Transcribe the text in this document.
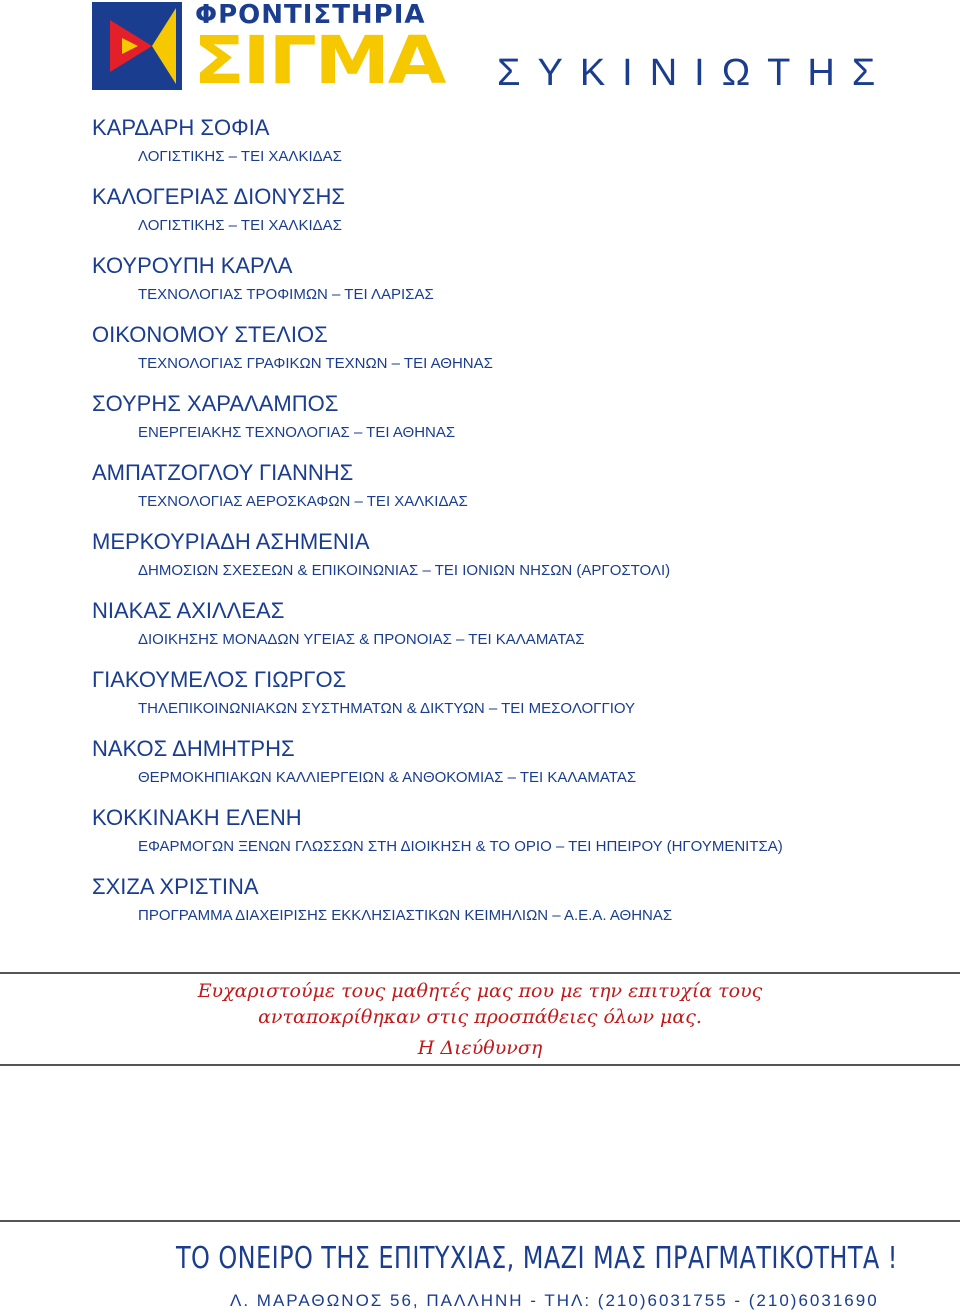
ΦΡΟΝΤΙΣΤΗΡΙΑ
ΣΙΓΜΑ	ΣΥΚΙΝΙΩΤΗΣ
ΚΑΡΔΑΡΗ ΣΟΦΙΑ
ΛΟΓΙΣΤΙΚΗΣ – ΤΕΙ ΧΑΛΚΙΔΑΣ
ΚΑΛΟΓΕΡΙΑΣ ΔΙΟΝΥΣΗΣ
ΛΟΓΙΣΤΙΚΗΣ – ΤΕΙ ΧΑΛΚΙΔΑΣ
ΚΟΥΡΟΥΠΗ ΚΑΡΛΑ
ΤΕΧΝΟΛΟΓΙΑΣ ΤΡΟΦΙΜΩΝ – ΤΕΙ ΛΑΡΙΣΑΣ
ΟΙΚΟΝΟΜΟΥ ΣΤΕΛΙΟΣ
ΤΕΧΝΟΛΟΓΙΑΣ ΓΡΑΦΙΚΩΝ ΤΕΧΝΩΝ – ΤΕΙ ΑΘΗΝΑΣ
ΣΟΥΡΗΣ ΧΑΡΑΛΑΜΠΟΣ
ΕΝΕΡΓΕΙΑΚΗΣ ΤΕΧΝΟΛΟΓΙΑΣ – ΤΕΙ ΑΘΗΝΑΣ
ΑΜΠΑΤΖΟΓΛΟΥ ΓΙΑΝΝΗΣ
ΤΕΧΝΟΛΟΓΙΑΣ ΑΕΡΟΣΚΑΦΩΝ – ΤΕΙ ΧΑΛΚΙΔΑΣ
ΜΕΡΚΟΥΡΙΑΔΗ ΑΣΗΜΕΝΙΑ
ΔΗΜΟΣΙΩΝ ΣΧΕΣΕΩΝ & ΕΠΙΚΟΙΝΩΝΙΑΣ – ΤΕΙ ΙΟΝΙΩΝ ΝΗΣΩΝ (ΑΡΓΟΣΤΟΛΙ)
ΝΙΑΚΑΣ ΑΧΙΛΛΕΑΣ
ΔΙΟΙΚΗΣΗΣ ΜΟΝΑΔΩΝ ΥΓΕΙΑΣ & ΠΡΟΝΟΙΑΣ – ΤΕΙ ΚΑΛΑΜΑΤΑΣ
ΓΙΑΚΟΥΜΕΛΟΣ ΓΙΩΡΓΟΣ
ΤΗΛΕΠΙΚΟΙΝΩΝΙΑΚΩΝ ΣΥΣΤΗΜΑΤΩΝ & ΔΙΚΤΥΩΝ – ΤΕΙ ΜΕΣΟΛΟΓΓΙΟΥ
ΝΑΚΟΣ ΔΗΜΗΤΡΗΣ
ΘΕΡΜΟΚΗΠΙΑΚΩΝ ΚΑΛΛΙΕΡΓΕΙΩΝ & ΑΝΘΟΚΟΜΙΑΣ – ΤΕΙ ΚΑΛΑΜΑΤΑΣ
ΚΟΚΚΙΝΑΚΗ ΕΛΕΝΗ
ΕΦΑΡΜΟΓΩΝ ΞΕΝΩΝ ΓΛΩΣΣΩΝ ΣΤΗ ΔΙΟΙΚΗΣΗ & ΤΟ ΟΡΙΟ – ΤΕΙ ΗΠΕΙΡΟΥ (ΗΓΟΥΜΕΝΙΤΣΑ)
ΣΧΙΖΑ ΧΡΙΣΤΙΝΑ
ΠΡΟΓΡΑΜΜΑ ΔΙΑΧΕΙΡΙΣΗΣ ΕΚΚΛΗΣΙΑΣΤΙΚΩΝ ΚΕΙΜΗΛΙΩΝ – Α.Ε.Α. ΑΘΗΝΑΣ
Ευχαριστούμε τους μαθητές μας που με την επιτυχία τους
ανταποκρίθηκαν στις προσπάθειες όλων μας.
Η Διεύθυνση
ΤΟ ΟΝΕΙΡΟ ΤΗΣ ΕΠΙΤΥΧΙΑΣ, ΜΑΖΙ ΜΑΣ ΠΡΑΓΜΑΤΙΚΟΤΗΤΑ !
Λ. ΜΑΡΑΘΩΝΟΣ 56, ΠΑΛΛΗΝΗ - ΤΗΛ: (210)6031755 - (210)6031690
